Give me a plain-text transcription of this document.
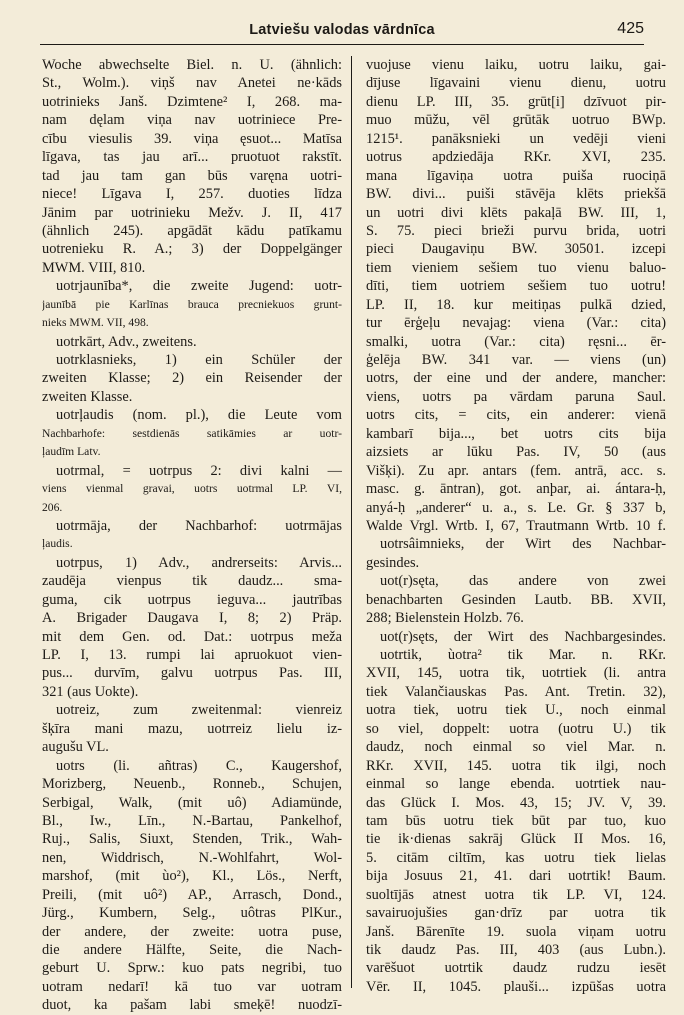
Latviešu valodas vārdnīca	425
Woche abwechselte Biel. n. U. (ähnlich:
St., Wolm.). viņš nav Anetei ne·kāds
uotrinieks Janš. Dzimtene² I, 268. ma-
nam dęlam viņa nav uotriniece Pre-
cību viesulis 39. viņa ęsuot... Matīsa
līgava, tas jau arī... pruotuot rakstīt.
tad jau tam gan būs varęna uotri-
niece! Līgava I, 257. duoties līdza
Jānim par uotrinieku Mežv. J. II, 417
(ähnlich 245). apgādāt kādu patīkamu
uotrenieku R. A.; 3) der Doppelgänger
MWM. VIII, 810.
uotrjaunība*, die zweite Jugend: uotr-
jaunībā pie Karlīnas brauca precniekuos grunt-
nieks MWM. VII, 498.
uotrkārt, Adv., zweitens.
uotrklasnieks, 1) ein Schüler der
zweiten Klasse; 2) ein Reisender der
zweiten Klasse.
uotrļaudis (nom. pl.), die Leute vom
Nachbarhofe: sestdienās satikāmies ar uotr-
ļaudīm Latv.
uotrmal, = uotrpus 2: divi kalni —
viens vienmal gravai, uotrs uotrmal LP. VI,
206.
uotrmāja, der Nachbarhof: uotrmājas
ļaudis.
uotrpus, 1) Adv., andrerseits: Arvis...
zaudēja vienpus tik daudz... sma-
guma, cik uotrpus ieguva... jautrības
A. Brigader Daugava I, 8; 2) Präp.
mit dem Gen. od. Dat.: uotrpus meža
LP. I, 13. rumpi lai apruokuot vien-
pus... durvīm, galvu uotrpus Pas. III,
321 (aus Uokte).
uotreiz, zum zweitenmal: vienreiz
šķīra mani mazu, uotrreiz lielu iz-
augušu VL.
uotrs (li. añtras) C., Kaugershof,
Morizberg, Neuenb., Ronneb., Schujen,
Serbigal, Walk, (mit uô) Adiamünde,
Bl., Iw., Līn., N.-Bartau, Pankelhof,
Ruj., Salis, Siuxt, Stenden, Trik., Wah-
nen, Widdrisch, N.-Wohlfahrt, Wol-
marshof, (mit ùo²), Kl., Lös., Nerft,
Preili, (mit uô²) AP., Arrasch, Dond.,
Jürg., Kumbern, Selg., uôtras PlKur.,
der andere, der zweite: uotra puse,
die andere Hälfte, Seite, die Nach-
geburt U. Sprw.: kuo pats negribi, tuo
uotram nedarī! kā tuo var uotram
duot, ka pašam labi smeķē! nuodzī-
vuojuse vienu laiku, uotru laiku, gai-
dījuse līgavaini vienu dienu, uotru
dienu LP. III, 35. grūt[i] dzīvuot pir-
muo mūžu, vēl grūtāk uotruo BWp.
1215¹. panāksnieki un vedēji vieni
uotrus apdziedāja RKr. XVI, 235.
mana līgaviņa uotra puiša ruociņā
BW. divi... puiši stāvēja klēts priekšā
un uotri divi klēts pakaļā BW. III, 1,
S. 75. pieci brieži purvu brida, uotri
pieci Daugaviņu BW. 30501. izcepi
tiem vieniem sešiem tuo vienu baluo-
dīti, tiem uotriem sešiem tuo uotru!
LP. II, 18. kur meitiņas pulkā dzied,
tur ērģeļu nevajag: viena (Var.: cita)
smalki, uotra (Var.: cita) ręsni... ēr-
ģelēja BW. 341 var. — viens (un)
uotrs, der eine und der andere, mancher:
viens, uotrs pa vārdam paruna Saul.
uotrs cits, = cits, ein anderer: vienā
kambarī bija..., bet uotrs cits bija
aizsiets ar lūku Pas. IV, 50 (aus
Višķi). Zu apr. antars (fem. antrā, acc. s.
masc. g. āntran), got. anþar, ai. ántara-ḥ,
anyá-ḥ „anderer“ u. a., s. Le. Gr. § 337 b,
Walde Vrgl. Wrtb. I, 67, Trautmann Wrtb. 10 f.
uotrsâimnieks, der Wirt des Nachbar-
gesindes.
uot(r)sęta, das andere von zwei
benachbarten Gesinden Lautb. BB. XVII,
288; Bielenstein Holzb. 76.
uot(r)sęts, der Wirt des Nachbargesindes.
uotrtik, ùotra² tik Mar. n. RKr.
XVII, 145, uotra tik, uotrtiek (li. antra
tiek Valančiauskas Pas. Ant. Tretin. 32),
uotra tiek, uotru tiek U., noch einmal
so viel, doppelt: uotra (uotru U.) tik
daudz, noch einmal so viel Mar. n.
RKr. XVII, 145. uotra tik ilgi, noch
einmal so lange ebenda. uotrtiek nau-
das Glück I. Mos. 43, 15; JV. V, 39.
tam būs uotru tiek būt par tuo, kuo
tie ik·dienas sakrāj Glück II Mos. 16,
5. citām ciltīm, kas uotru tiek lielas
bija Josuus 21, 41. dari uotrtik! Baum.
suoltījās atnest uotra tik LP. VI, 124.
savairuojušies gan·drīz par uotra tik
Janš. Bārenīte 19. suola viņam uotru
tik daudz Pas. III, 403 (aus Lubn.).
varēšuot uotrtik daudz rudzu iesēt
Vēr. II, 1045. plauši... izpūšas uotra
